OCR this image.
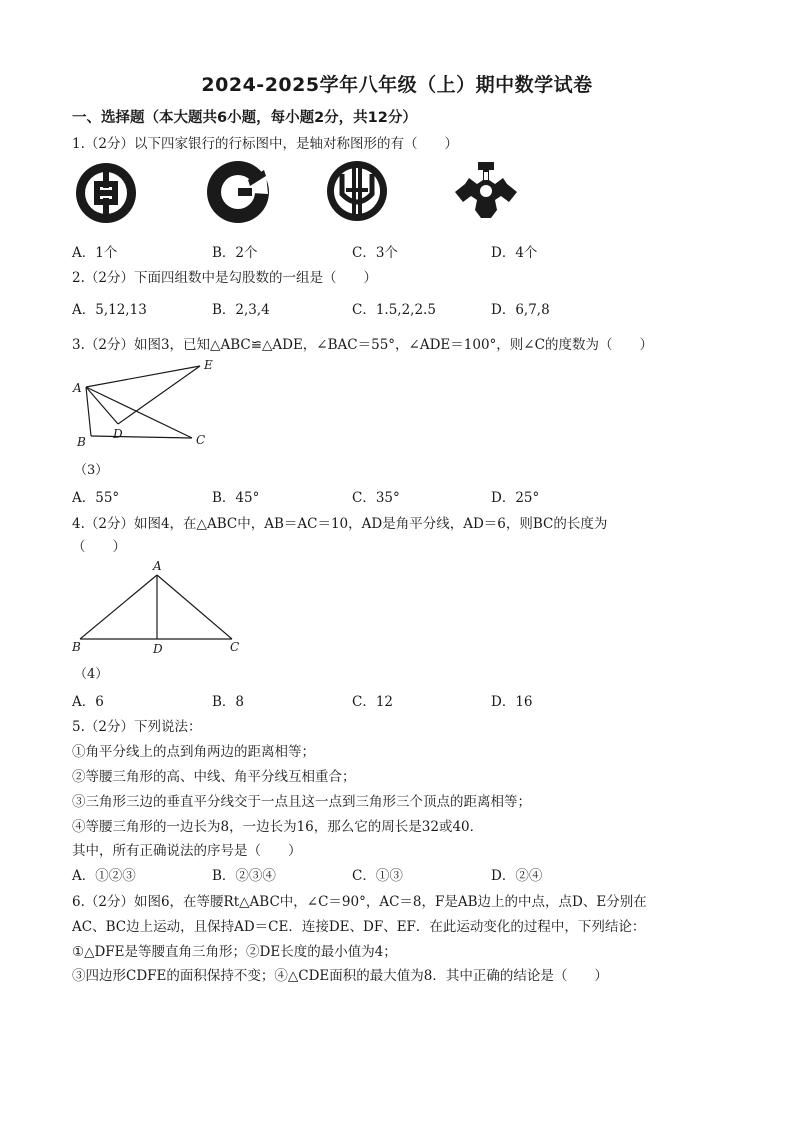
2024-2025学年八年级（上）期中数学试卷
一、选择题（本大题共6小题，每小题2分，共12分）
1.（2分）以下四家银行的行标图中，是轴对称图形的有（　　）
A．1个	B．2个	C．3个	D．4个
2.（2分）下面四组数中是勾股数的一组是（　　）
A．5,12,13	B．2,3,4	C．1.5,2,2.5	D．6,7,8
3.（2分）如图3，已知△ABC≌△ADE，∠BAC＝55°，∠ADE＝100°，则∠C的度数为（　　）
A
B	C
D
E
（3）
A．55°	B．45°	C．35°	D．25°
4.（2分）如图4，在△ABC中，AB＝AC＝10，AD是角平分线，AD＝6，则BC的长度为
（　　）
A
B	C
D
（4）
A．6	B．8	C．12	D．16
5.（2分）下列说法：
①角平分线上的点到角两边的距离相等；
②等腰三角形的高、中线、角平分线互相重合；
③三角形三边的垂直平分线交于一点且这一点到三角形三个顶点的距离相等；
④等腰三角形的一边长为8，一边长为16，那么它的周长是32或40．
其中，所有正确说法的序号是（　　）
A．①②③	B．②③④	C．①③	D．②④
6.（2分）如图6，在等腰Rt△ABC中，∠C＝90°，AC＝8，F是AB边上的中点，点D、E分别在
AC、BC边上运动，且保持AD＝CE．连接DE、DF、EF．在此运动变化的过程中，下列结论：
①△DFE是等腰直角三角形；②DE长度的最小值为4；
③四边形CDFE的面积保持不变；④△CDE面积的最大值为8．其中正确的结论是（　　）
